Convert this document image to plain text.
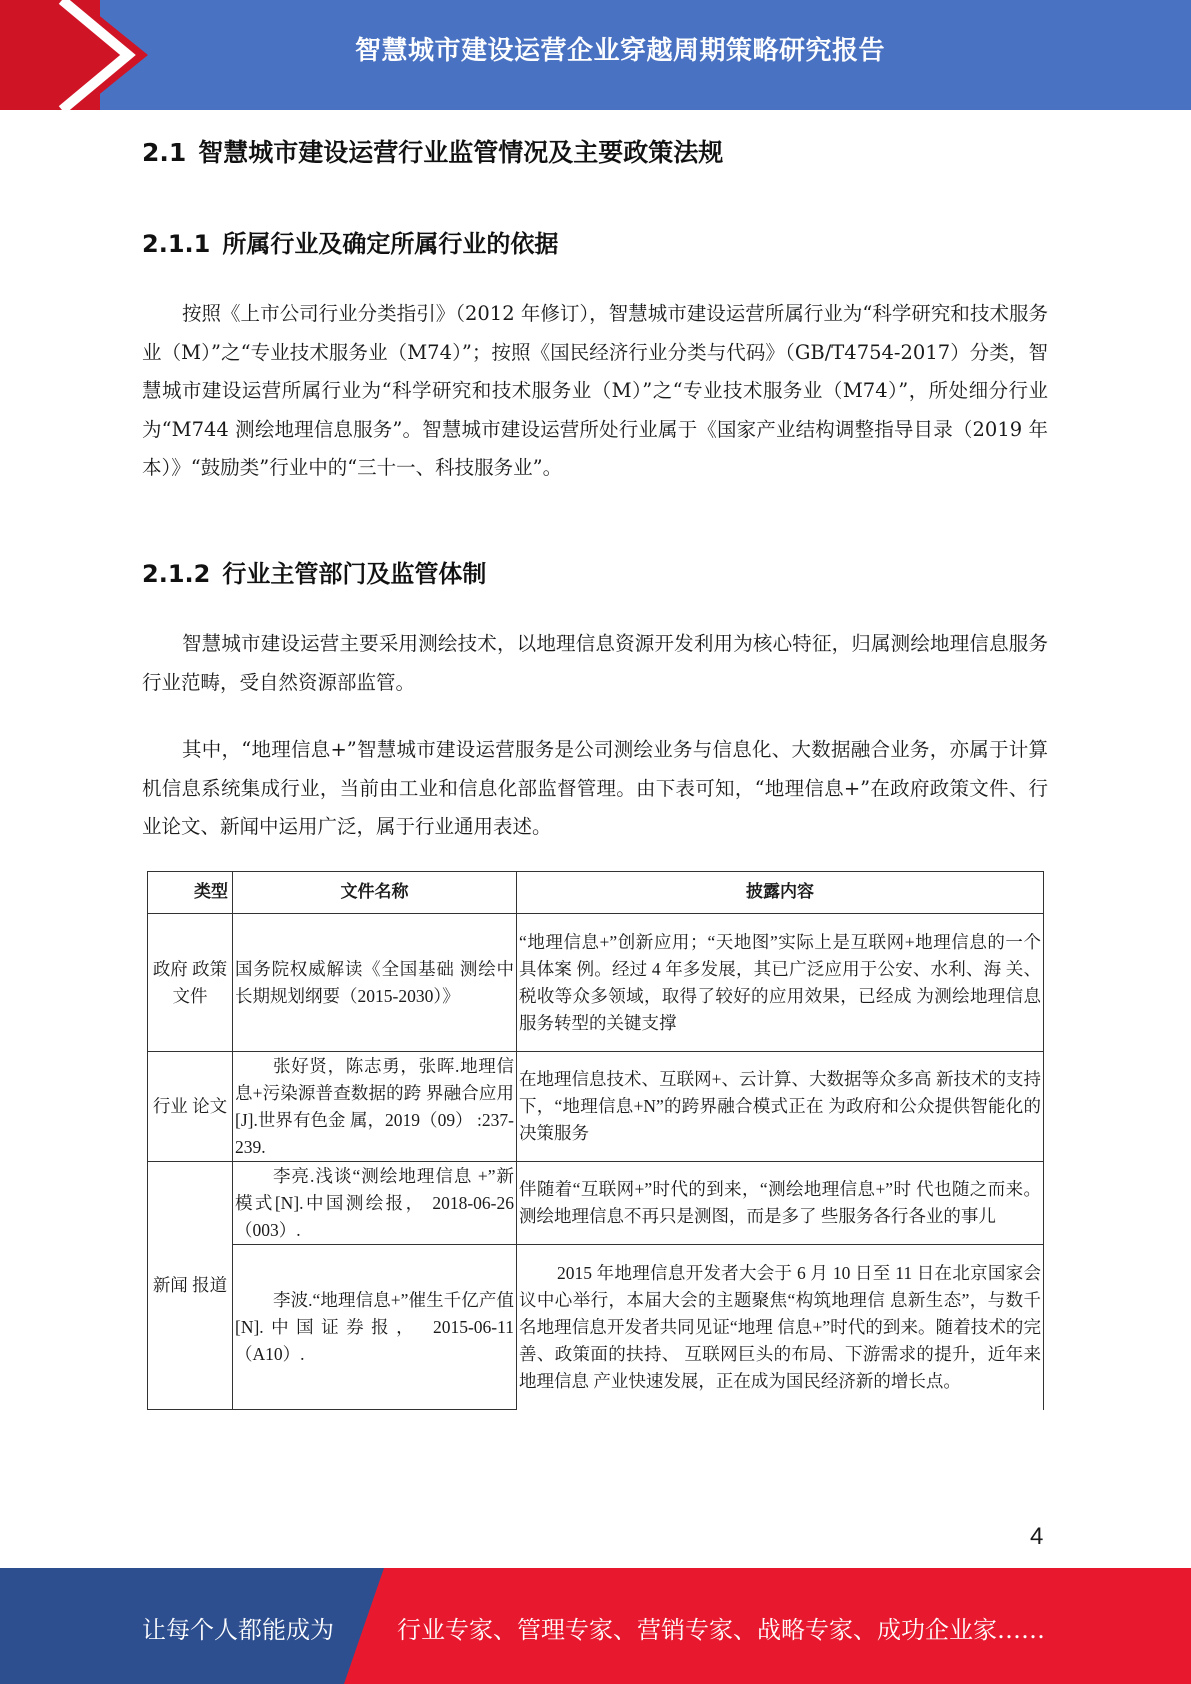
智慧城市建设运营企业穿越周期策略研究报告
2.1 智慧城市建设运营行业监管情况及主要政策法规
2.1.1 所属行业及确定所属行业的依据
按照《上市公司行业分类指引》（2012 年修订），智慧城市建设运营所属行业为“科学研究和技术服务业（M）”之“专业技术服务业（M74）”；按照《国民经济行业分类与代码》（GB/T4754-2017）分类，智慧城市建设运营所属行业为“科学研究和技术服务业（M）”之“专业技术服务业（M74）”，所处细分行业为“M744 测绘地理信息服务”。智慧城市建设运营所处行业属于《国家产业结构调整指导目录（2019 年本）》“鼓励类”行业中的“三十一、科技服务业”。
2.1.2 行业主管部门及监管体制
智慧城市建设运营主要采用测绘技术，以地理信息资源开发利用为核心特征，归属测绘地理信息服务行业范畴，受自然资源部监管。
其中，“地理信息+”智慧城市建设运营服务是公司测绘业务与信息化、大数据融合业务，亦属于计算机信息系统集成行业，当前由工业和信息化部监督管理。由下表可知，“地理信息+”在政府政策文件、行业论文、新闻中运用广泛，属于行业通用表述。
类型	文件名称	披露内容
政府 政策 文件	国务院权威解读《全国基础 测绘中长期规划纲要（2015-2030）》	“地理信息+”创新应用；“天地图”实际上是互联网+地理信息的一个具体案 例。经过 4 年多发展，其已广泛应用于公安、水利、海 关、税收等众多领域，取得了较好的应用效果，已经成 为测绘地理信息服务转型的关键支撑
行业 论文	张好贤，陈志勇，张晖.地理信息+污染源普查数据的跨 界融合应用[J].世界有色金 属，2019（09） :237-239.	在地理信息技术、互联网+、云计算、大数据等众多高 新技术的支持下，“地理信息+N”的跨界融合模式正在 为政府和公众提供智能化的决策服务
新闻 报道	李亮.浅谈“测绘地理信息 +”新模式[N].中国测绘报， 2018-06-26 （003）.	伴随着“互联网+”时代的到来，“测绘地理信息+”时 代也随之而来。测绘地理信息不再只是测图，而是多了 些服务各行各业的事儿
	李波.“地理信息+”催生千亿产值[N].中国证券报， 2015-06-11（A10）.	2015 年地理信息开发者大会于 6 月 10 日至 11 日在北京国家会议中心举行，本届大会的主题聚焦“构筑地理信 息新生态”，与数千名地理信息开发者共同见证“地理 信息+”时代的到来。随着技术的完善、政策面的扶持、 互联网巨头的布局、下游需求的提升，近年来地理信息 产业快速发展，正在成为国民经济新的增长点。
4
让每个人都能成为	行业专家、管理专家、营销专家、战略专家、成功企业家……
